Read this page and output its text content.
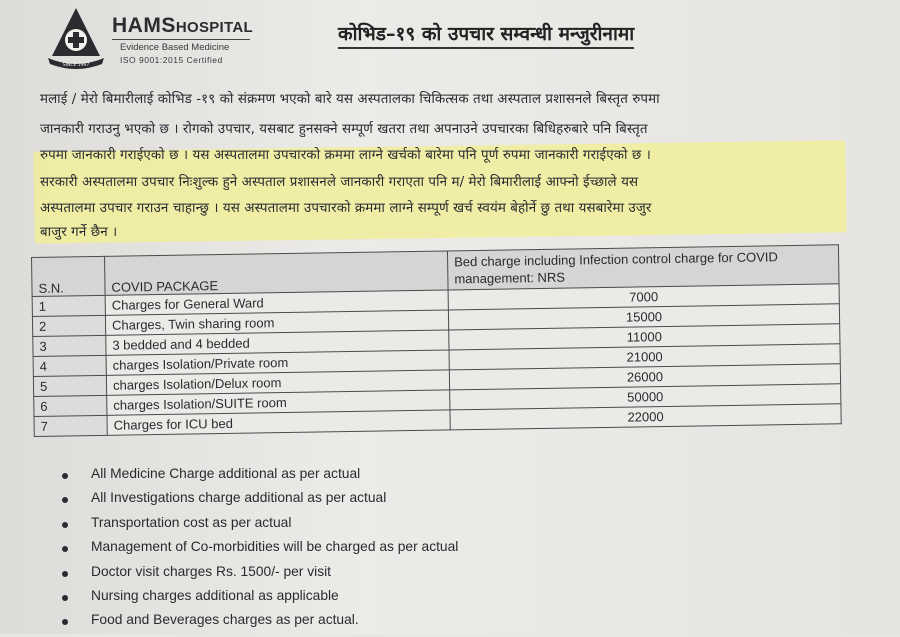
SINCE 1997
HAMSHOSPITAL
Evidence Based Medicine
ISO 9001:2015 Certified
कोभिड–१९ को उपचार सम्वन्धी मन्जुरीनामा
मलाई / मेरो बिमारीलाई कोभिड -१९ को संक्रमण भएको बारे यस अस्पतालका चिकित्सक तथा अस्पताल प्रशासनले बिस्तृत रुपमा
जानकारी गराउनु भएको छ । रोगको उपचार, यसबाट हुनसक्ने सम्पूर्ण खतरा तथा अपनाउने उपचारका बिधिहरुबारे पनि बिस्तृत
रुपमा जानकारी गराईएको छ । यस अस्पतालमा उपचारको क्रममा लाग्ने खर्चको बारेमा पनि पूर्ण रुपमा जानकारी गराईएको छ ।
सरकारी अस्पतालमा उपचार निःशुल्क हुने अस्पताल प्रशासनले जानकारी गराएता पनि म/ मेरो बिमारीलाई आफ्नो ईच्छाले यस
अस्पतालमा उपचार गराउन चाहान्छु । यस अस्पतालमा उपचारको क्रममा लाग्ने सम्पूर्ण खर्च स्वयंम बेहोर्ने छु तथा यसबारेमा उजुर
बाजुर गर्ने छैन ।
S.N.	COVID PACKAGE	Bed charge including Infection control charge for COVID management: NRS
1	Charges for General Ward	7000
2	Charges, Twin sharing room	15000
3	3 bedded and 4 bedded	11000
4	charges Isolation/Private room	21000
5	charges Isolation/Delux room	26000
6	charges Isolation/SUITE room	50000
7	Charges for ICU bed	22000
All Medicine Charge additional as per actual
All Investigations charge additional as per actual
Transportation cost as per actual
Management of Co-morbidities will be charged as per actual
Doctor visit charges Rs. 1500/- per visit
Nursing charges additional as applicable
Food and Beverages charges as per actual.
